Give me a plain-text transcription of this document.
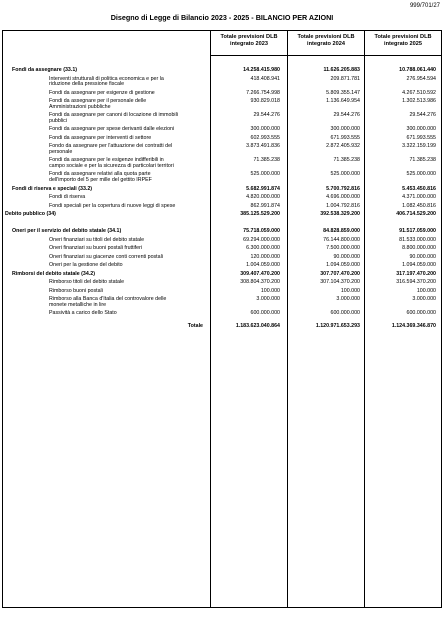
999/701/27
Disegno di Legge di Bilancio 2023 - 2025 - BILANCIO PER AZIONI
Totale previsioni DLB
integrato 2023
Totale previsioni DLB
integrato 2024
Totale previsioni DLB
integrato 2025
Fondi da assegnare (33.1)	14.258.415.980	11.626.205.883	10.788.061.440
Interventi strutturali di politica economica e per la
riduzione della pressione fiscale
418.408.941	209.871.781	276.954.594
Fondi da assegnare per esigenze di gestione	7.266.754.998	5.809.355.147	4.267.510.592
Fondi da assegnare per il personale delle
Amministrazioni pubbliche
930.829.018	1.136.649.954	1.302.513.986
Fondi da assegnare per canoni di locazione di immobili
pubblici
29.544.276	29.544.276	29.544.276
Fondi da assegnare per spese derivanti dalle elezioni	300.000.000	300.000.000	300.000.000
Fondi da assegnare per interventi di settore	602.993.555	671.993.555	671.993.555
Fondo da assegnare per l'attuazione dei contratti del
personale
3.873.491.836	2.872.405.932	3.322.159.199
Fondi da assegnare per le esigenze indifferibili in
campo sociale e per la sicurezza di particolari territori
71.385.238	71.385.238	71.385.238
Fondi da assegnare relativi alla quota parte
dell'importo del 5 per mille del gettito IRPEF
525.000.000	525.000.000	525.000.000
Fondi di riserva e speciali (33.2)	5.682.991.874	5.700.792.816	5.453.450.816
Fondi di riserva	4.820.000.000	4.696.000.000	4.371.000.000
Fondi speciali per la copertura di nuove leggi di spese	862.991.874	1.004.792.816	1.082.450.816
Debito pubblico (34)	385.125.529.200	392.538.329.200	406.714.529.200
Oneri per il servizio del debito statale (34.1)	75.718.059.000	84.828.859.000	91.517.059.000
Oneri finanziari su titoli del debito statale	69.294.000.000	76.144.800.000	81.533.000.000
Oneri finanziari su buoni postali fruttiferi	6.300.000.000	7.500.000.000	8.800.000.000
Oneri finanziari su giacenze conti correnti postali	120.000.000	90.000.000	90.000.000
Oneri per la gestione del debito	1.004.059.000	1.094.059.000	1.094.059.000
Rimborsi del debito statale (34.2)	309.407.470.200	307.707.470.200	317.197.470.200
Rimborso titoli del debito statale	308.804.370.200	307.104.370.200	316.594.370.200
Rimborso buoni postali	100.000	100.000	100.000
Rimborso alla Banca d'Italia del controvalore delle
monete metalliche in lire
3.000.000	3.000.000	3.000.000
Passività a carico dello Stato	600.000.000	600.000.000	600.000.000
Totale	1.183.623.040.864	1.120.971.653.293	1.124.369.346.870
